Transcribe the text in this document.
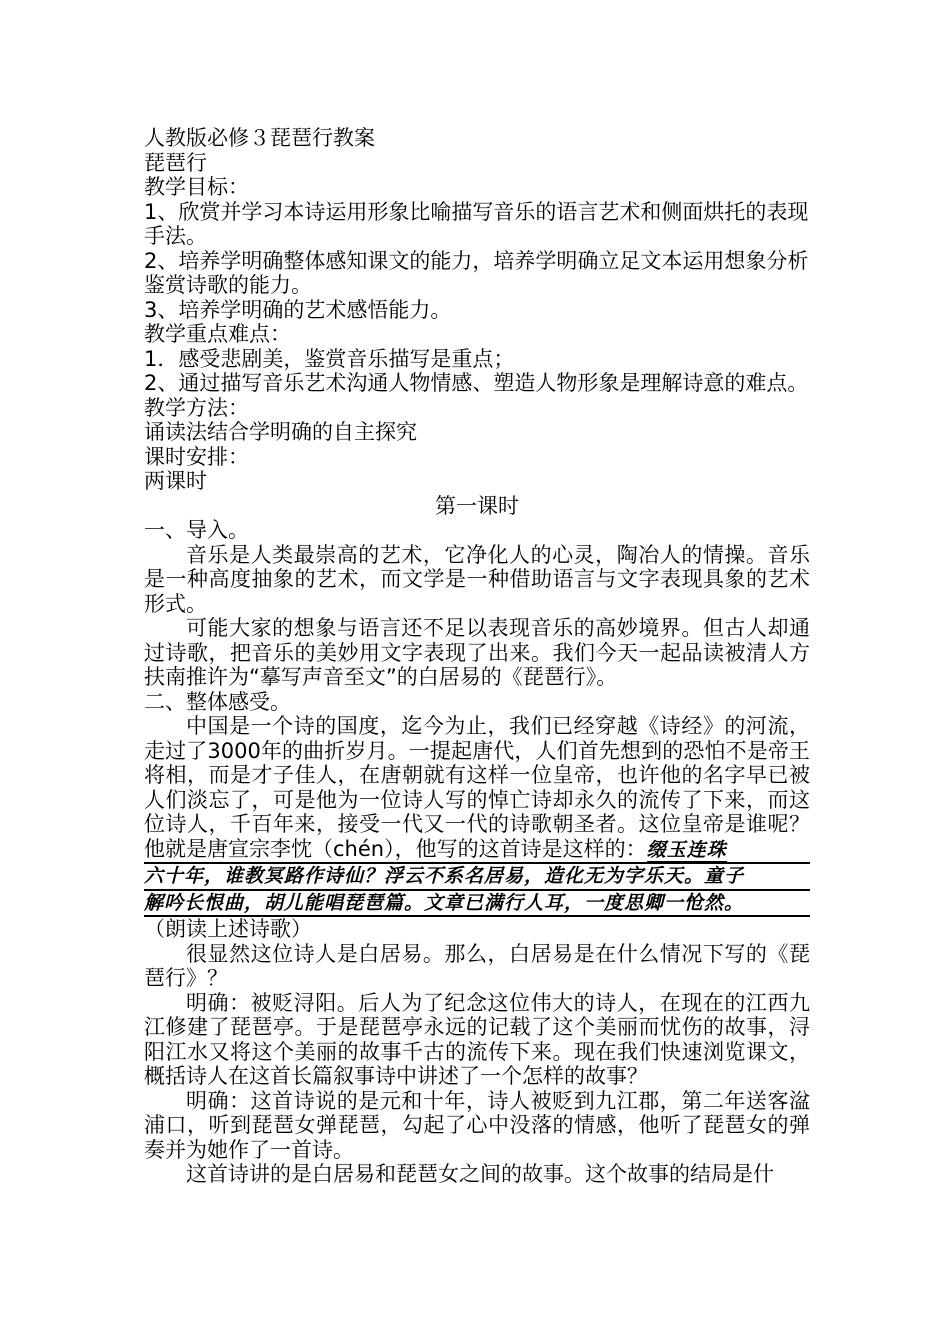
人教版必修３琵琶行教案
琵琶行
教学目标：
1、欣赏并学习本诗运用形象比喻描写音乐的语言艺术和侧面烘托的表现手法。
2、培养学明确整体感知课文的能力，培养学明确立足文本运用想象分析鉴赏诗歌的能力。
3、培养学明确的艺术感悟能力。
教学重点难点：
1．感受悲剧美，鉴赏音乐描写是重点；
2、通过描写音乐艺术沟通人物情感、塑造人物形象是理解诗意的难点。
教学方法：
诵读法结合学明确的自主探究
课时安排：
两课时
第一课时
一、导入。
音乐是人类最崇高的艺术，它净化人的心灵，陶冶人的情操。音乐是一种高度抽象的艺术，而文学是一种借助语言与文字表现具象的艺术形式。
可能大家的想象与语言还不足以表现音乐的高妙境界。但古人却通过诗歌，把音乐的美妙用文字表现了出来。我们今天一起品读被清人方扶南推许为“摹写声音至文”的白居易的《琵琶行》。
二、整体感受。
中国是一个诗的国度，迄今为止，我们已经穿越《诗经》的河流，走过了3000年的曲折岁月。一提起唐代，人们首先想到的恐怕不是帝王将相，而是才子佳人，在唐朝就有这样一位皇帝，也许他的名字早已被人们淡忘了，可是他为一位诗人写的悼亡诗却永久的流传了下来，而这位诗人，千百年来，接受一代又一代的诗歌朝圣者。这位皇帝是谁呢？他就是唐宣宗李忱（chén），他写的这首诗是这样的：缀玉连珠
六十年，谁教冥路作诗仙？浮云不系名居易，造化无为字乐天。童子
解吟长恨曲，胡儿能唱琵琶篇。文章已满行人耳，一度思卿一怆然。
（朗读上述诗歌）
很显然这位诗人是白居易。那么，白居易是在什么情况下写的《琵琶行》？
明确：被贬浔阳。后人为了纪念这位伟大的诗人，在现在的江西九江修建了琵琶亭。于是琵琶亭永远的记载了这个美丽而忧伤的故事，浔阳江水又将这个美丽的故事千古的流传下来。现在我们快速浏览课文，概括诗人在这首长篇叙事诗中讲述了一个怎样的故事？
明确：这首诗说的是元和十年，诗人被贬到九江郡，第二年送客湓浦口，听到琵琶女弹琵琶，勾起了心中没落的情感，他听了琵琶女的弹奏并为她作了一首诗。
这首诗讲的是白居易和琵琶女之间的故事。这个故事的结局是什
